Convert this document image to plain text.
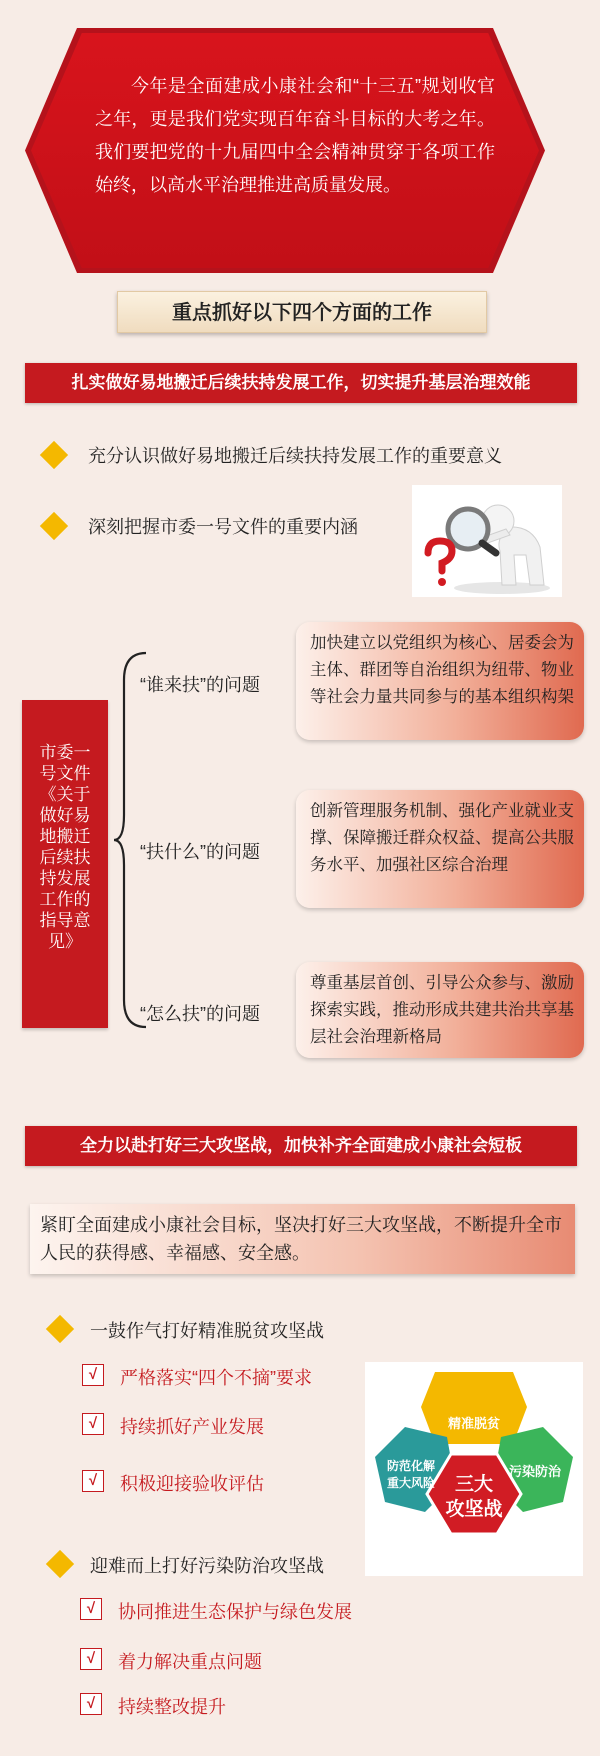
今年是全面建成小康社会和“十三五”规划收官之年，更是我们党实现百年奋斗目标的大考之年。我们要把党的十九届四中全会精神贯穿于各项工作始终，以高水平治理推进高质量发展。
重点抓好以下四个方面的工作
扎实做好易地搬迁后续扶持发展工作，切实提升基层治理效能
充分认识做好易地搬迁后续扶持发展工作的重要意义
深刻把握市委一号文件的重要内涵
市委一号文件《关于做好易地搬迁后续扶持发展工作的指导意见》
“谁来扶”的问题
加快建立以党组织为核心、居委会为主体、群团等自治组织为纽带、物业等社会力量共同参与的基本组织构架
“扶什么”的问题
创新管理服务机制、强化产业就业支撑、保障搬迁群众权益、提高公共服务水平、加强社区综合治理
“怎么扶”的问题
尊重基层首创、引导公众参与、激励探索实践，推动形成共建共治共享基层社会治理新格局
全力以赴打好三大攻坚战，加快补齐全面建成小康社会短板
紧盯全面建成小康社会目标，坚决打好三大攻坚战，不断提升全市人民的获得感、幸福感、安全感。
一鼓作气打好精准脱贫攻坚战
√	严格落实“四个不摘”要求
√	持续抓好产业发展
√	积极迎接验收评估
迎难而上打好污染防治攻坚战
√	协同推进生态保护与绿色发展
√	着力解决重点问题
√	持续整改提升
精准脱贫
三大
攻坚战
防范化解
重大风险
污染防治
